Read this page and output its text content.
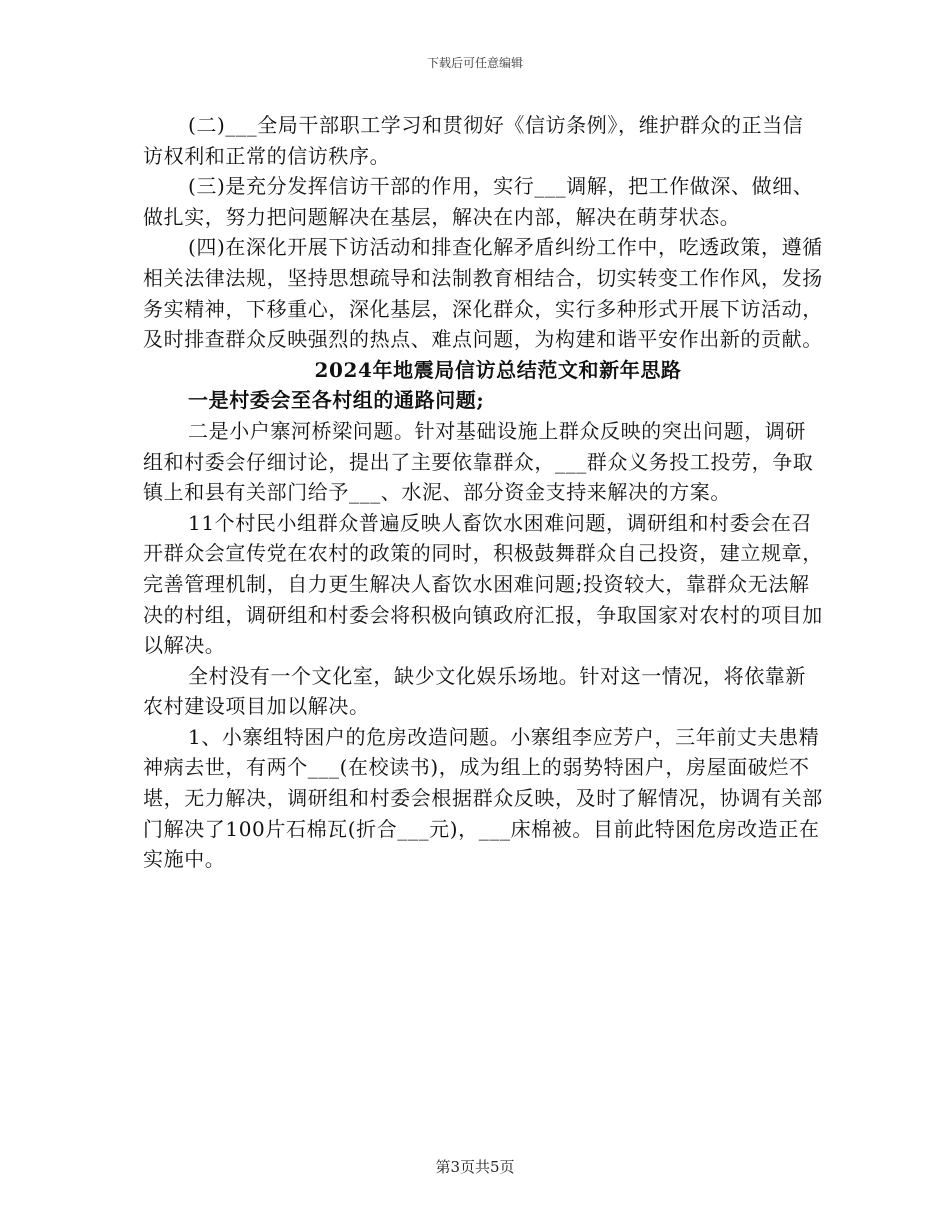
下载后可任意编辑

(二)___全局干部职工学习和贯彻好《信访条例》，维护群众的正当信访权利和正常的信访秩序。

(三)是充分发挥信访干部的作用，实行___调解，把工作做深、做细、做扎实，努力把问题解决在基层，解决在内部，解决在萌芽状态。

(四)在深化开展下访活动和排查化解矛盾纠纷工作中，吃透政策，遵循相关法律法规，坚持思想疏导和法制教育相结合，切实转变工作作风，发扬务实精神，下移重心，深化基层，深化群众，实行多种形式开展下访活动，及时排查群众反映强烈的热点、难点问题，为构建和谐平安作出新的贡献。

2024年地震局信访总结范文和新年思路

一是村委会至各村组的通路问题;

二是小户寨河桥梁问题。针对基础设施上群众反映的突出问题，调研组和村委会仔细讨论，提出了主要依靠群众，___群众义务投工投劳，争取镇上和县有关部门给予___、水泥、部分资金支持来解决的方案。

11个村民小组群众普遍反映人畜饮水困难问题，调研组和村委会在召开群众会宣传党在农村的政策的同时，积极鼓舞群众自己投资，建立规章，完善管理机制，自力更生解决人畜饮水困难问题;投资较大，靠群众无法解决的村组，调研组和村委会将积极向镇政府汇报，争取国家对农村的项目加以解决。

全村没有一个文化室，缺少文化娱乐场地。针对这一情况，将依靠新农村建设项目加以解决。

1、小寨组特困户的危房改造问题。小寨组李应芳户，三年前丈夫患精神病去世，有两个___(在校读书)，成为组上的弱势特困户，房屋面破烂不堪，无力解决，调研组和村委会根据群众反映，及时了解情况，协调有关部门解决了100片石棉瓦(折合___元)，___床棉被。目前此特困危房改造正在实施中。

第3页共5页
